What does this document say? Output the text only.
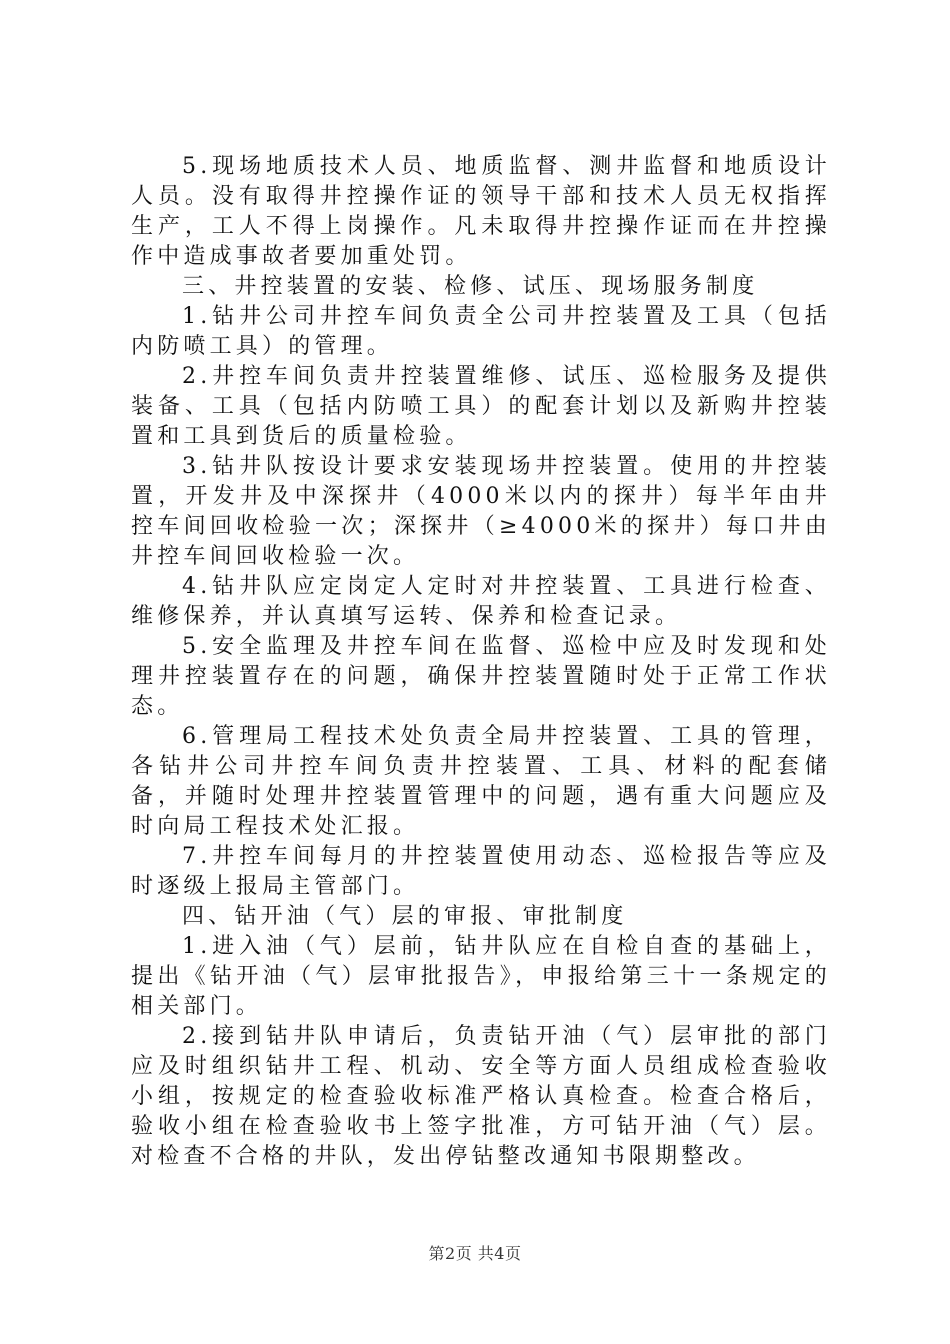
5.现场地质技术人员、地质监督、测井监督和地质设计人员。没有取得井控操作证的领导干部和技术人员无权指挥生产，工人不得上岗操作。凡未取得井控操作证而在井控操作中造成事故者要加重处罚。

三、井控装置的安装、检修、试压、现场服务制度

1.钻井公司井控车间负责全公司井控装置及工具（包括内防喷工具）的管理。

2.井控车间负责井控装置维修、试压、巡检服务及提供装备、工具（包括内防喷工具）的配套计划以及新购井控装置和工具到货后的质量检验。

3.钻井队按设计要求安装现场井控装置。使用的井控装置，开发井及中深探井（4000米以内的探井）每半年由井控车间回收检验一次；深探井（≥4000米的探井）每口井由井控车间回收检验一次。

4.钻井队应定岗定人定时对井控装置、工具进行检查、维修保养，并认真填写运转、保养和检查记录。

5.安全监理及井控车间在监督、巡检中应及时发现和处理井控装置存在的问题，确保井控装置随时处于正常工作状态。

6.管理局工程技术处负责全局井控装置、工具的管理，各钻井公司井控车间负责井控装置、工具、材料的配套储备，并随时处理井控装置管理中的问题，遇有重大问题应及时向局工程技术处汇报。

7.井控车间每月的井控装置使用动态、巡检报告等应及时逐级上报局主管部门。

四、钻开油（气）层的审报、审批制度

1.进入油（气）层前，钻井队应在自检自查的基础上，提出《钻开油（气）层审批报告》，申报给第三十一条规定的相关部门。

2.接到钻井队申请后，负责钻开油（气）层审批的部门应及时组织钻井工程、机动、安全等方面人员组成检查验收小组，按规定的检查验收标准严格认真检查。检查合格后，验收小组在检查验收书上签字批准，方可钻开油（气）层。对检查不合格的井队，发出停钻整改通知书限期整改。

第2页 共4页
